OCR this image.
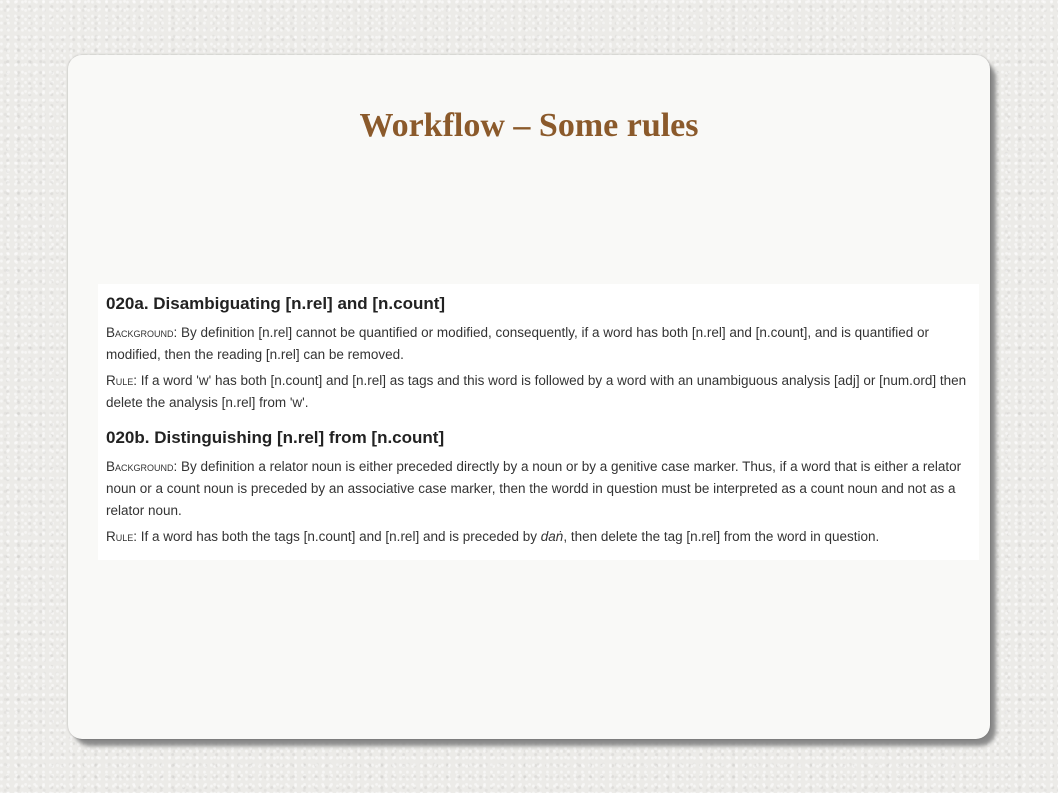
Workflow – Some rules
020a. Disambiguating [n.rel] and [n.count]

Background: By definition [n.rel] cannot be quantified or modified, consequently, if a word has both [n.rel] and [n.count], and is quantified or modified, then the reading [n.rel] can be removed.

Rule: If a word 'w' has both [n.count] and [n.rel] as tags and this word is followed by a word with an unambiguous analysis [adj] or [num.ord] then delete the analysis [n.rel] from 'w'.

020b. Distinguishing [n.rel] from [n.count]

Background: By definition a relator noun is either preceded directly by a noun or by a genitive case marker. Thus, if a word that is either a relator noun or a count noun is preceded by an associative case marker, then the wordd in question must be interpreted as a count noun and not as a relator noun.

Rule: If a word has both the tags [n.count] and [n.rel] and is preceded by daṅ, then delete the tag [n.rel] from the word in question.
